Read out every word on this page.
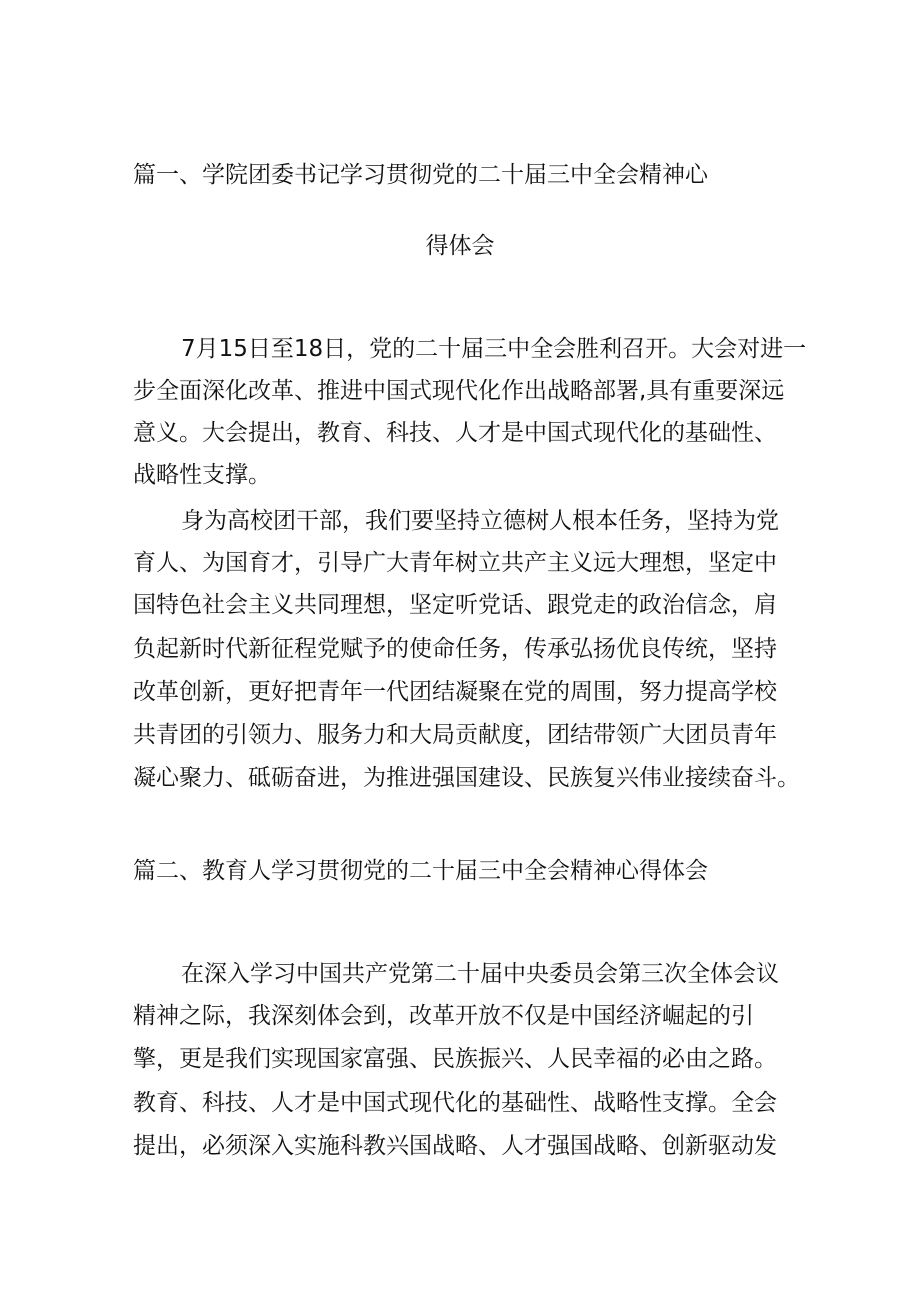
篇一、学院团委书记学习贯彻党的二十届三中全会精神心
得体会
7月15日至18日，党的二十届三中全会胜利召开。大会对进一
步全面深化改革、推进中国式现代化作出战略部署,具有重要深远
意义。大会提出，教育、科技、人才是中国式现代化的基础性、
战略性支撑。
身为高校团干部，我们要坚持立德树人根本任务，坚持为党
育人、为国育才，引导广大青年树立共产主义远大理想，坚定中
国特色社会主义共同理想，坚定听党话、跟党走的政治信念，肩
负起新时代新征程党赋予的使命任务，传承弘扬优良传统，坚持
改革创新，更好把青年一代团结凝聚在党的周围，努力提高学校
共青团的引领力、服务力和大局贡献度，团结带领广大团员青年
凝心聚力、砥砺奋进，为推进强国建设、民族复兴伟业接续奋斗。
篇二、教育人学习贯彻党的二十届三中全会精神心得体会
在深入学习中国共产党第二十届中央委员会第三次全体会议
精神之际，我深刻体会到，改革开放不仅是中国经济崛起的引
擎，更是我们实现国家富强、民族振兴、人民幸福的必由之路。
教育、科技、人才是中国式现代化的基础性、战略性支撑。全会
提出，必须深入实施科教兴国战略、人才强国战略、创新驱动发
